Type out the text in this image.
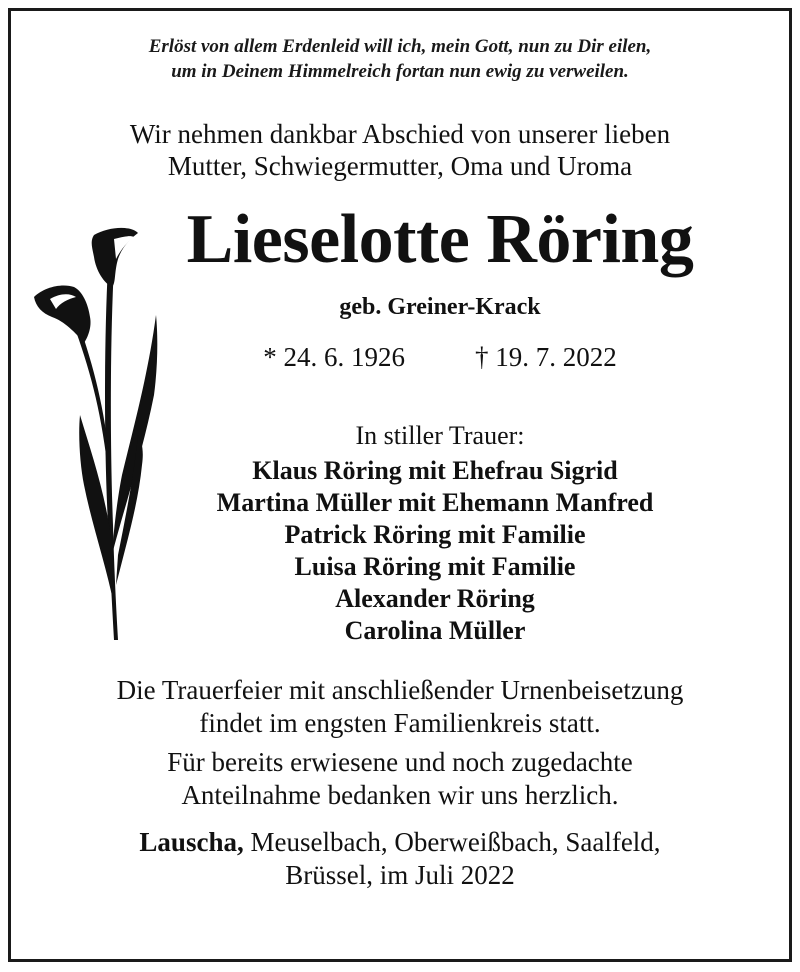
Erlöst von allem Erdenleid will ich, mein Gott, nun zu Dir eilen,
um in Deinem Himmelreich fortan nun ewig zu verweilen.
Wir nehmen dankbar Abschied von unserer lieben
Mutter, Schwiegermutter, Oma und Uroma
Lieselotte Röring
geb. Greiner-Krack
* 24. 6. 1926	† 19. 7. 2022
In stiller Trauer:
Klaus Röring mit Ehefrau Sigrid
Martina Müller mit Ehemann Manfred
Patrick Röring mit Familie
Luisa Röring mit Familie
Alexander Röring
Carolina Müller
Die Trauerfeier mit anschließender Urnenbeisetzung
findet im engsten Familienkreis statt.
Für bereits erwiesene und noch zugedachte
Anteilnahme bedanken wir uns herzlich.
Lauscha, Meuselbach, Oberweißbach, Saalfeld,
Brüssel, im Juli 2022
